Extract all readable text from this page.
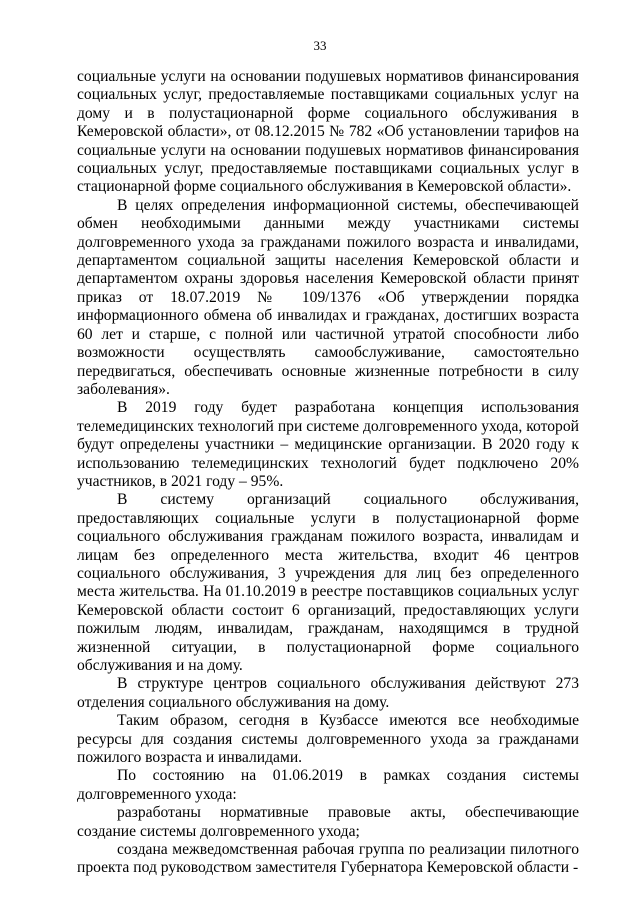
33

социальные услуги на основании подушевых нормативов финансирования социальных услуг, предоставляемые поставщиками социальных услуг на дому и в полустационарной форме социального обслуживания в Кемеровской области», от 08.12.2015 № 782 «Об установлении тарифов на социальные услуги на основании подушевых нормативов финансирования социальных услуг, предоставляемые поставщиками социальных услуг в стационарной форме социального обслуживания в Кемеровской области».

В целях определения информационной системы, обеспечивающей обмен необходимыми данными между участниками системы долговременного ухода за гражданами пожилого возраста и инвалидами, департаментом социальной защиты населения Кемеровской области и департаментом охраны здоровья населения Кемеровской области принят приказ от 18.07.2019 № 109/1376 «Об утверждении порядка информационного обмена об инвалидах и гражданах, достигших возраста 60 лет и старше, с полной или частичной утратой способности либо возможности осуществлять самообслуживание, самостоятельно передвигаться, обеспечивать основные жизненные потребности в силу заболевания».

В 2019 году будет разработана концепция использования телемедицинских технологий при системе долговременного ухода, которой будут определены участники – медицинские организации. В 2020 году к использованию телемедицинских технологий будет подключено 20% участников, в 2021 году – 95%.

В систему организаций социального обслуживания, предоставляющих социальные услуги в полустационарной форме социального обслуживания гражданам пожилого возраста, инвалидам и лицам без определенного места жительства, входит 46 центров социального обслуживания, 3 учреждения для лиц без определенного места жительства. На 01.10.2019 в реестре поставщиков социальных услуг Кемеровской области состоит 6 организаций, предоставляющих услуги пожилым людям, инвалидам, гражданам, находящимся в трудной жизненной ситуации, в полустационарной форме социального обслуживания и на дому.

В структуре центров социального обслуживания действуют 273 отделения социального обслуживания на дому.

Таким образом, сегодня в Кузбассе имеются все необходимые ресурсы для создания системы долговременного ухода за гражданами пожилого возраста и инвалидами.

По состоянию на 01.06.2019 в рамках создания системы долговременного ухода:

разработаны нормативные правовые акты, обеспечивающие создание системы долговременного ухода;

создана межведомственная рабочая группа по реализации пилотного проекта под руководством заместителя Губернатора Кемеровской области -
